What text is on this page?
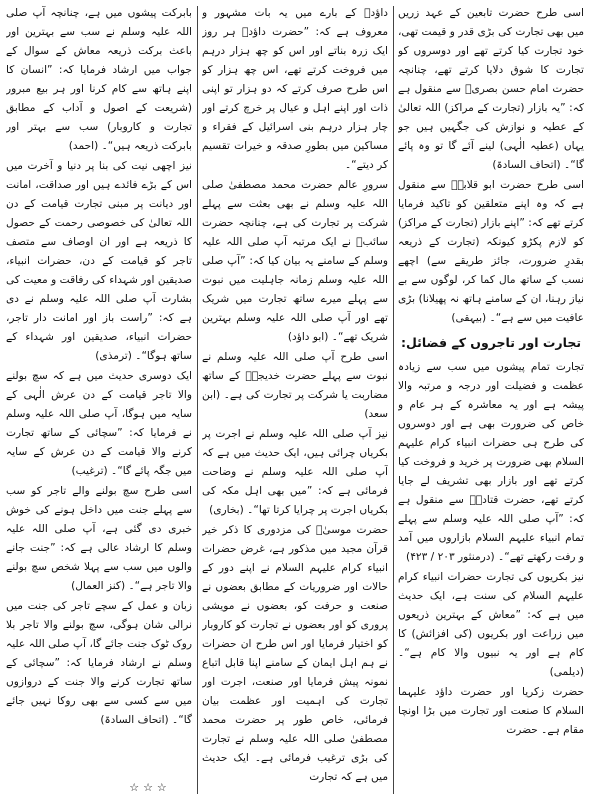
اسی طرح حضرت تابعین کے عہد زریں میں بھی تجارت کی بڑی قدر و قیمت تھی، خود تجارت کیا کرتے تھے اور دوسروں کو تجارت کا شوق دلایا کرتے تھے، چنانچہ حضرت امام حسن بصریؒ سے منقول ہے کہ: ”یہ بازار (تجارت کے مراکز) اللہ تعالیٰ کے عطیہ و نوازش کی جگہیں ہیں جو یہاں (عطیہ الٰہی) لینے آئے گا تو وہ پائے گا“۔ (اتحاف السادۃ)

اسی طرح حضرت ابو قلابہؒ سے منقول ہے کہ وہ اپنے متعلقین کو تاکید فرمایا کرتے تھے کہ: ”اپنے بازار (تجارت کے مراکز) کو لازم پکڑو کیونکہ (تجارت کے ذریعہ بقدرِ ضرورت، جائز طریقے سے) اچھے نسب کے ساتھ مال کما کر، لوگوں سے بے نیاز رہنا، ان کے سامنے ہاتھ نہ پھیلانا) بڑی عافیت میں سے ہے“۔ (بیہقی)

تجارت اور تاجروں کے فضائل:

تجارت تمام پیشوں میں سب سے زیادہ عظمت و فضیلت اور درجہ و مرتبہ والا پیشہ ہے اور یہ معاشرہ کے ہر عام و خاص کی ضرورت بھی ہے اور دوسروں کی طرح ہی حضرات انبیاء کرام علیہم السلام بھی ضرورت پر خرید و فروخت کیا کرتے تھے اور بازار بھی تشریف لے جایا کرتے تھے، حضرت قتادہؒ سے منقول ہے کہ: ”آپ صلی اللہ علیہ وسلم سے پہلے تمام انبیاء علیہم السلام بازاروں میں آمد و رفت رکھتے تھے“۔ (درمنثور ۲۰۳ / ۴۲۳)

نیز بکریوں کی تجارت حضرات انبیاء کرام علیہم السلام کی سنت ہے، ایک حدیث میں ہے کہ: ”معاش کے بہترین ذریعوں میں زراعت اور بکریوں (کی افزائش) کا کام ہے اور یہ نبیوں والا کام ہے“۔ (دیلمی)

حضرت زکریا اور حضرت داؤد علیہما السلام کا صنعت اور تجارت میں بڑا اونچا مقام ہے۔ حضرت

داؤدؑ کے بارے میں یہ بات مشہور و معروف ہے کہ: ”حضرت داؤدؑ ہر روز ایک زرہ بناتے اور اس کو چھ ہزار درہم میں فروخت کرتے تھے، اس چھ ہزار کو اس طرح صرف کرتے کہ دو ہزار تو اپنی ذات اور اپنے اہل و عیال پر خرچ کرتے اور چار ہزار درہم بنی اسرائیل کے فقراء و مساکین میں بطورِ صدقہ و خیرات تقسیم کر دیتے“۔

سرورِ عالم حضرت محمد مصطفیٰ صلی اللہ علیہ وسلم نے بھی بعثت سے پہلے شرکت پر تجارت کی ہے، چنانچہ حضرت سائبؓ نے ایک مرتبہ آپ صلی اللہ علیہ وسلم کے سامنے یہ بیان کیا کہ: ”آپ صلی اللہ علیہ وسلم زمانہ جاہلیت میں نبوت سے پہلے میرے ساتھ تجارت میں شریک تھے اور آپ صلی اللہ علیہ وسلم بہترین شریک تھے“۔ (ابو داؤد)

اسی طرح آپ صلی اللہ علیہ وسلم نے نبوت سے پہلے حضرت خدیجہؓ کے ساتھ مضاربت یا شرکت پر تجارت کی ہے۔ (ابن سعد)

نیز آپ صلی اللہ علیہ وسلم نے اجرت پر بکریاں چرائی ہیں، ایک حدیث میں ہے کہ آپ صلی اللہ علیہ وسلم نے وضاحت فرمائی ہے کہ: ”میں بھی اہل مکہ کی بکریاں اجرت پر چرایا کرتا تھا“۔ (بخاری)

حضرت موسیٰؑ کی مزدوری کا ذکر خیر قرآن مجید میں مذکور ہے، غرض حضرات انبیاء کرام علیہم السلام نے اپنے دور کے حالات اور ضروریات کے مطابق بعضوں نے صنعت و حرفت کو، بعضوں نے مویشی پروری کو اور بعضوں نے تجارت کو کاروبار کو اختیار فرمایا اور اس طرح ان حضرات نے ہم اہل ایمان کے سامنے اپنا قابل اتباع نمونہ پیش فرمایا اور صنعت، اجرت اور تجارت کی اہمیت اور عظمت بیان فرمائی، خاص طور پر حضرت محمد مصطفیٰ صلی اللہ علیہ وسلم نے تجارت کی بڑی ترغیب فرمائی ہے۔ ایک حدیث میں ہے کہ تجارت

بابرکت پیشوں میں ہے، چنانچہ آپ صلی اللہ علیہ وسلم نے سب سے بہترین اور باعث برکت ذریعہ معاش کے سوال کے جواب میں ارشاد فرمایا کہ: ”انسان کا اپنے ہاتھ سے کام کرنا اور ہر بیع مبرور (شریعت کے اصول و آداب کے مطابق تجارت و کاروبار) سب سے بہتر اور بابرکت ذریعہ ہیں“۔ (احمد)

نیز اچھی نیت کی بنا پر دنیا و آخرت میں اس کے بڑے فائدے ہیں اور صداقت، امانت اور دیانت پر مبنی تجارت قیامت کے دن اللہ تعالیٰ کی خصوصی رحمت کے حصول کا ذریعہ ہے اور ان اوصاف سے متصف تاجر کو قیامت کے دن، حضرات انبیاء، صدیقین اور شہداء کی رفاقت و معیت کی بشارت آپ صلی اللہ علیہ وسلم نے دی ہے کہ: ”راست باز اور امانت دار تاجر، حضرات انبیاء، صدیقین اور شہداء کے ساتھ ہوگا“۔ (ترمذی)

ایک دوسری حدیث میں ہے کہ سچ بولنے والا تاجر قیامت کے دن عرش الٰہی کے سایہ میں ہوگا، آپ صلی اللہ علیہ وسلم نے فرمایا کہ: ”سچائی کے ساتھ تجارت کرنے والا قیامت کے دن عرش کے سایہ میں جگہ پائے گا“۔ (ترغیب)

اسی طرح سچ بولنے والے تاجر کو سب سے پہلے جنت میں داخل ہونے کی خوش خبری دی گئی ہے، آپ صلی اللہ علیہ وسلم کا ارشاد عالی ہے کہ: ”جنت جانے والوں میں سب سے پہلا شخص سچ بولنے والا تاجر ہے“۔ (کنز العمال)

زبان و عمل کے سچے تاجر کی جنت میں نرالی شان ہوگی، سچ بولنے والا تاجر بلا روک ٹوک جنت جائے گا، آپ صلی اللہ علیہ وسلم نے ارشاد فرمایا کہ: ”سچائی کے ساتھ تجارت کرنے والا جنت کے دروازوں میں سے کسی سے بھی روکا نہیں جائے گا“۔ (اتحاف السادۃ)

☆☆☆
